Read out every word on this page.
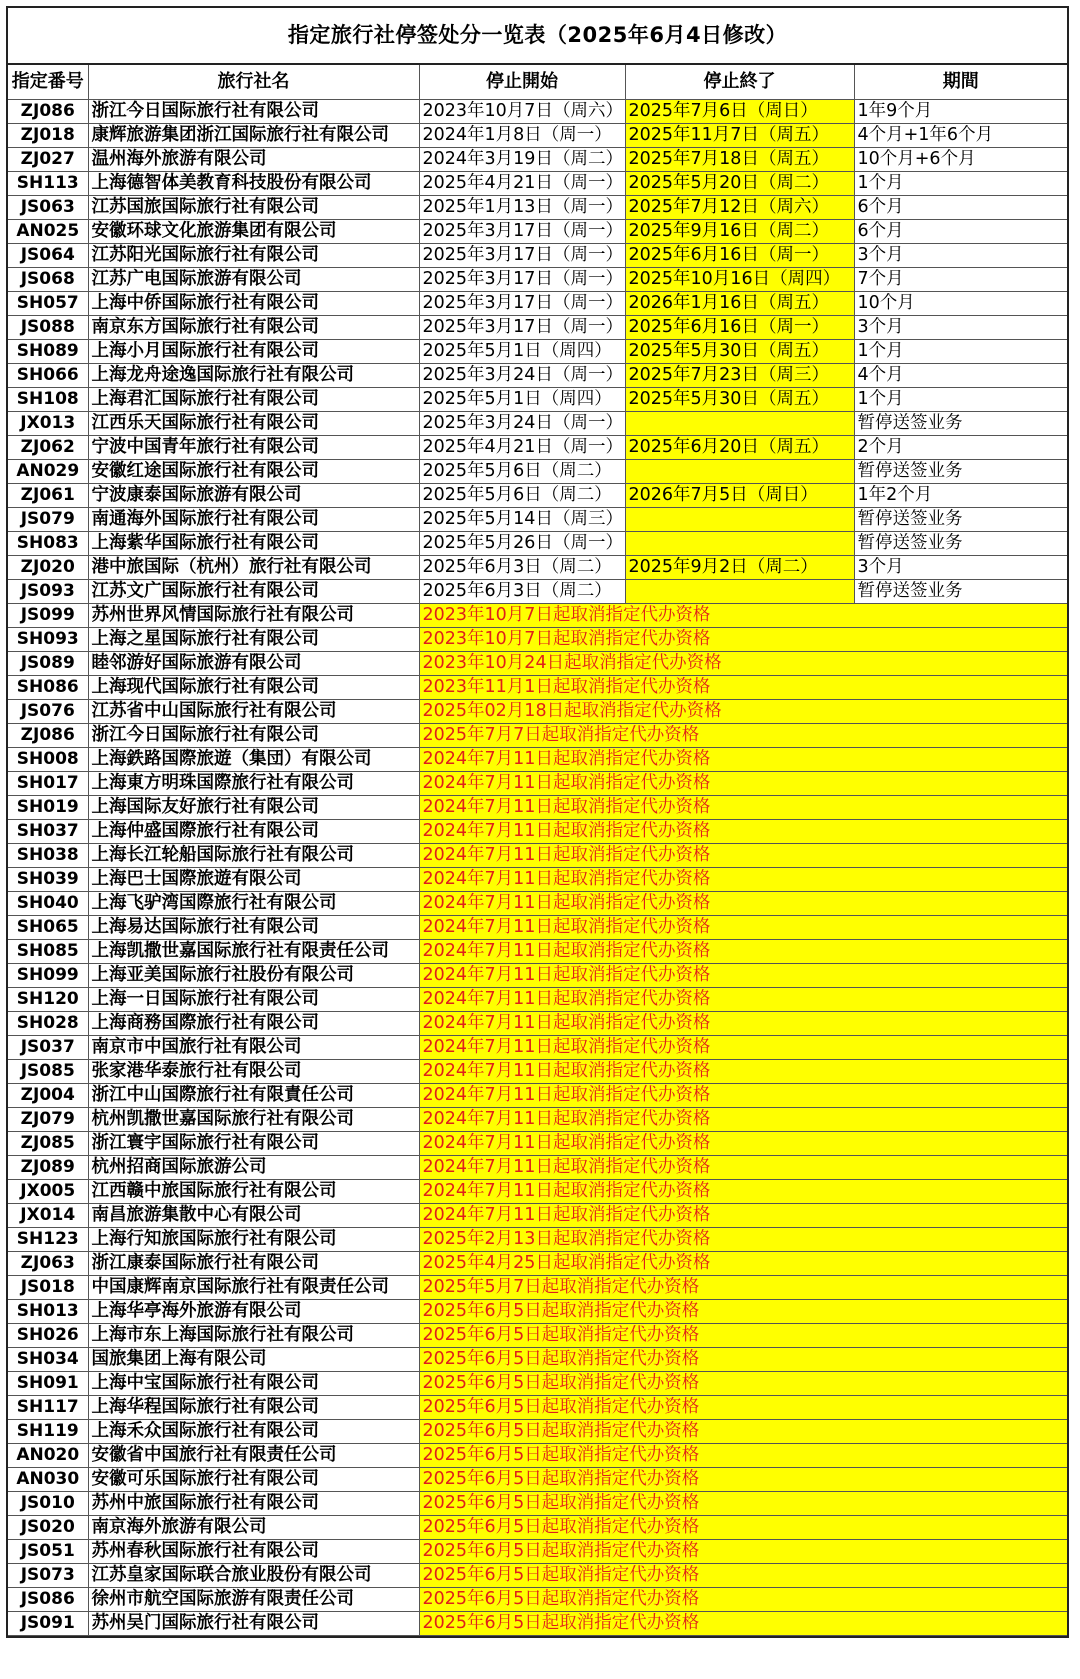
指定旅行社停签处分一览表（2025年6月4日修改）
指定番号	旅行社名	停止開始	停止終了	期間
ZJ086	浙江今日国际旅行社有限公司	2023年10月7日（周六）	2025年7月6日（周日）	1年9个月
ZJ018	康辉旅游集团浙江国际旅行社有限公司	2024年1月8日（周一）	2025年11月7日（周五）	4个月+1年6个月
ZJ027	温州海外旅游有限公司	2024年3月19日（周二）	2025年7月18日（周五）	10个月+6个月
SH113	上海德智体美教育科技股份有限公司	2025年4月21日（周一）	2025年5月20日（周二）	1个月
JS063	江苏国旅国际旅行社有限公司	2025年1月13日（周一）	2025年7月12日（周六）	6个月
AN025	安徽环球文化旅游集团有限公司	2025年3月17日（周一）	2025年9月16日（周二）	6个月
JS064	江苏阳光国际旅行社有限公司	2025年3月17日（周一）	2025年6月16日（周一）	3个月
JS068	江苏广电国际旅游有限公司	2025年3月17日（周一）	2025年10月16日（周四）	7个月
SH057	上海中侨国际旅行社有限公司	2025年3月17日（周一）	2026年1月16日（周五）	10个月
JS088	南京东方国际旅行社有限公司	2025年3月17日（周一）	2025年6月16日（周一）	3个月
SH089	上海小月国际旅行社有限公司	2025年5月1日（周四）	2025年5月30日（周五）	1个月
SH066	上海龙舟途逸国际旅行社有限公司	2025年3月24日（周一）	2025年7月23日（周三）	4个月
SH108	上海君汇国际旅行社有限公司	2025年5月1日（周四）	2025年5月30日（周五）	1个月
JX013	江西乐天国际旅行社有限公司	2025年3月24日（周一）		暂停送签业务
ZJ062	宁波中国青年旅行社有限公司	2025年4月21日（周一）	2025年6月20日（周五）	2个月
AN029	安徽红途国际旅行社有限公司	2025年5月6日（周二）		暂停送签业务
ZJ061	宁波康泰国际旅游有限公司	2025年5月6日（周二）	2026年7月5日（周日）	1年2个月
JS079	南通海外国际旅行社有限公司	2025年5月14日（周三）		暂停送签业务
SH083	上海紫华国际旅行社有限公司	2025年5月26日（周一）		暂停送签业务
ZJ020	港中旅国际（杭州）旅行社有限公司	2025年6月3日（周二）	2025年9月2日（周二）	3个月
JS093	江苏文广国际旅行社有限公司	2025年6月3日（周二）		暂停送签业务
JS099	苏州世界风情国际旅行社有限公司	2023年10月7日起取消指定代办资格		
SH093	上海之星国际旅行社有限公司	2023年10月7日起取消指定代办资格		
JS089	睦邻游好国际旅游有限公司	2023年10月24日起取消指定代办资格		
SH086	上海现代国际旅行社有限公司	2023年11月1日起取消指定代办资格		
JS076	江苏省中山国际旅行社有限公司	2025年02月18日起取消指定代办资格		
ZJ086	浙江今日国际旅行社有限公司	2025年7月7日起取消指定代办资格		
SH008	上海鉄路国際旅遊（集団）有限公司	2024年7月11日起取消指定代办资格		
SH017	上海東方明珠国際旅行社有限公司	2024年7月11日起取消指定代办资格		
SH019	上海国际友好旅行社有限公司	2024年7月11日起取消指定代办资格		
SH037	上海仲盛国際旅行社有限公司	2024年7月11日起取消指定代办资格		
SH038	上海长江轮船国际旅行社有限公司	2024年7月11日起取消指定代办资格		
SH039	上海巴士国際旅遊有限公司	2024年7月11日起取消指定代办资格		
SH040	上海飞驴湾国際旅行社有限公司	2024年7月11日起取消指定代办资格		
SH065	上海易达国际旅行社有限公司	2024年7月11日起取消指定代办资格		
SH085	上海凯撒世嘉国际旅行社有限责任公司	2024年7月11日起取消指定代办资格		
SH099	上海亚美国际旅行社股份有限公司	2024年7月11日起取消指定代办资格		
SH120	上海一日国际旅行社有限公司	2024年7月11日起取消指定代办资格		
SH028	上海商務国際旅行社有限公司	2024年7月11日起取消指定代办资格		
JS037	南京市中国旅行社有限公司	2024年7月11日起取消指定代办资格		
JS085	张家港华泰旅行社有限公司	2024年7月11日起取消指定代办资格		
ZJ004	浙江中山国際旅行社有限責任公司	2024年7月11日起取消指定代办资格		
ZJ079	杭州凯撒世嘉国际旅行社有限公司	2024年7月11日起取消指定代办资格		
ZJ085	浙江寰宇国际旅行社有限公司	2024年7月11日起取消指定代办资格		
ZJ089	杭州招商国际旅游公司	2024年7月11日起取消指定代办资格		
JX005	江西赣中旅国际旅行社有限公司	2024年7月11日起取消指定代办资格		
JX014	南昌旅游集散中心有限公司	2024年7月11日起取消指定代办资格		
SH123	上海行知旅国际旅行社有限公司	2025年2月13日起取消指定代办资格		
ZJ063	浙江康泰国际旅行社有限公司	2025年4月25日起取消指定代办资格		
JS018	中国康辉南京国际旅行社有限责任公司	2025年5月7日起取消指定代办资格		
SH013	上海华亭海外旅游有限公司	2025年6月5日起取消指定代办资格		
SH026	上海市东上海国际旅行社有限公司	2025年6月5日起取消指定代办资格		
SH034	国旅集团上海有限公司	2025年6月5日起取消指定代办资格		
SH091	上海中宝国际旅行社有限公司	2025年6月5日起取消指定代办资格		
SH117	上海华程国际旅行社有限公司	2025年6月5日起取消指定代办资格		
SH119	上海禾众国际旅行社有限公司	2025年6月5日起取消指定代办资格		
AN020	安徽省中国旅行社有限责任公司	2025年6月5日起取消指定代办资格		
AN030	安徽可乐国际旅行社有限公司	2025年6月5日起取消指定代办资格		
JS010	苏州中旅国际旅行社有限公司	2025年6月5日起取消指定代办资格		
JS020	南京海外旅游有限公司	2025年6月5日起取消指定代办资格		
JS051	苏州春秋国际旅行社有限公司	2025年6月5日起取消指定代办资格		
JS073	江苏皇家国际联合旅业股份有限公司	2025年6月5日起取消指定代办资格		
JS086	徐州市航空国际旅游有限责任公司	2025年6月5日起取消指定代办资格		
JS091	苏州吴门国际旅行社有限公司	2025年6月5日起取消指定代办资格		
